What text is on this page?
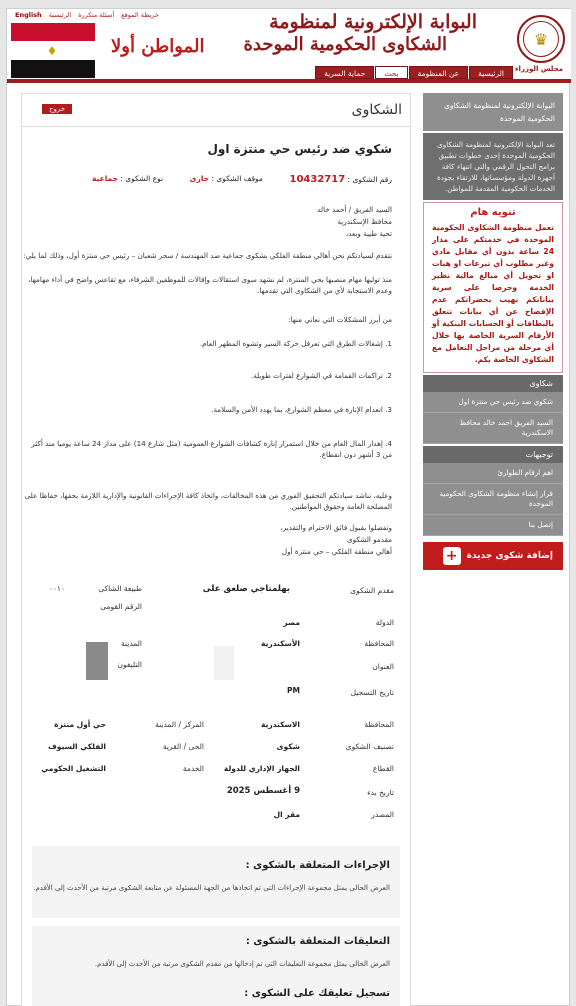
English الرئيسية أسئلة متكررة خريطة الموقع
♦
البوابة الإلكترونية لمنظومة
الشكاوى الحكومية الموحدة
المواطن أولا	♛
مجلس الوزراء
الرئيسية
عن المنظومة
بحث
حماية السرية
الشكاوى
خروج
شكوي ضد رئيس حي منتزة اول
رقم الشكوى : 10432717
موقف الشكوى : جارى
نوع الشكوى : جماعية
السيد الفريق / أحمد خالد
محافظ الإسكندرية
تحية طيبة وبعد،
نتقدم لسيادتكم نحن أهالي منطقة الفلكي بشكوى جماعية ضد المهندسة / سحر شعبان – رئيس حي منتزة أول، وذلك لما يلي:
منذ توليها مهام منصبها بحي المنتزة، لم نشهد سوى استقالات وإقالات للموظفين الشرفاء، مع تقاعس واضح في أداء مهامها، وعدم الاستجابة لأي من الشكاوى التي تقدمها.
من أبرز المشكلات التي نعاني منها:
1. إشغالات الطرق التي تعرقل حركة السير وتشوه المظهر العام.
2. تراكمات القمامة في الشوارع لفترات طويلة.
3. انعدام الإنارة في معظم الشوارع، بما يهدد الأمن والسلامة.
4. إهدار المال العام من خلال استمرار إنارة كشافات الشوارع العمومية (مثل شارع 14) على مدار 24 ساعة يوميا منذ أكثر من 3 أشهر دون انقطاع.
وعليه، نناشد سيادتكم التحقيق الفوري من هذه المخالفات، واتخاذ كافة الإجراءات القانونية والإدارية اللازمة بحقها، حفاظا على المصلحة العامة وحقوق المواطنين.
وتفضلوا بقبول فائق الاحترام والتقدير،
مقدمو الشكوى
أهالي منطقة الفلكي – حي منتزة أول
مقدم الشكوى
بهلمتاجي صلعق على
طبيعة الشاكى
٠٠١٠
الرقم القومى
الدولة
مصر
المحافظة
الأسكندرية
المدينة
العنوان
التليفون
تاريخ التسجيل
PM
المحافظة
الاسكندرية
المركز / المدينة
حي أول منتزة
تصنيف الشكوى
شكوى
الحى / القرية
الفلكي السيوف
القطاع
الجهاز الإداري للدولة
الخدمة
التشغيل الحكومي
تاريخ بدء
9 أغسطس 2025
المصدر
مقر ال
الإجراءات المتعلقة بالشكوى :
العرض الحالى يمثل مجموعة الإجراءات التى تم اتخاذها من الجهة المسئولة عن متابعة الشكوى مرتبة من الأحدث إلى الأقدم.
التعليقات المتعلقة بالشكوى :
العرض الحالى يمثل مجموعة التعليقات التى تم إدخالها من مقدم الشكوى مرتبة من الأحدث إلى الأقدم.
تسجيل تعليقك على الشكوى :
البوابة الإلكترونية لمنظومة الشكاوى الحكومية الموحدة
تعد البوابة الإلكترونية لمنظومة الشكاوى الحكومية الموحدة إحدى خطوات تطبيق برامج التحول الرقمي والتي انتهاء كافة أجهزة الدولة ومؤسساتها، للارتقاء بجودة الخدمات الحكومية المقدمة للمواطن.
تنويه هام
تعمل منظومة الشكاوى الحكومية الموحدة في خدمتكم على مدار 24 ساعة بدون أي مقابل مادي وغير مطلوب أي تبرعات او هبات او تحويل أي مبالغ مالية نظير الخدمة وحرصا على سرية بياناتكم نهيب بحضراتكم عدم الإفصاح عن أي بيانات تتعلق بالبطاقات أو الحسابات البنكية أو الأرقام السرية الخاصة بها خلال أي مرحلة من مراحل التعامل مع الشكاوى الخاصة بكم.
شكاوى
شكوي ضد رئيس حي منتزة اول
السيد الفريق احمد خالد محافظ الاسكندرية
توجيهات
اهم ارقام الطوارئ
قرار إنشاء منظومة الشكاوى الحكومية الموحدة
إتصل بنا
إضافة شكوى جديدة
+
